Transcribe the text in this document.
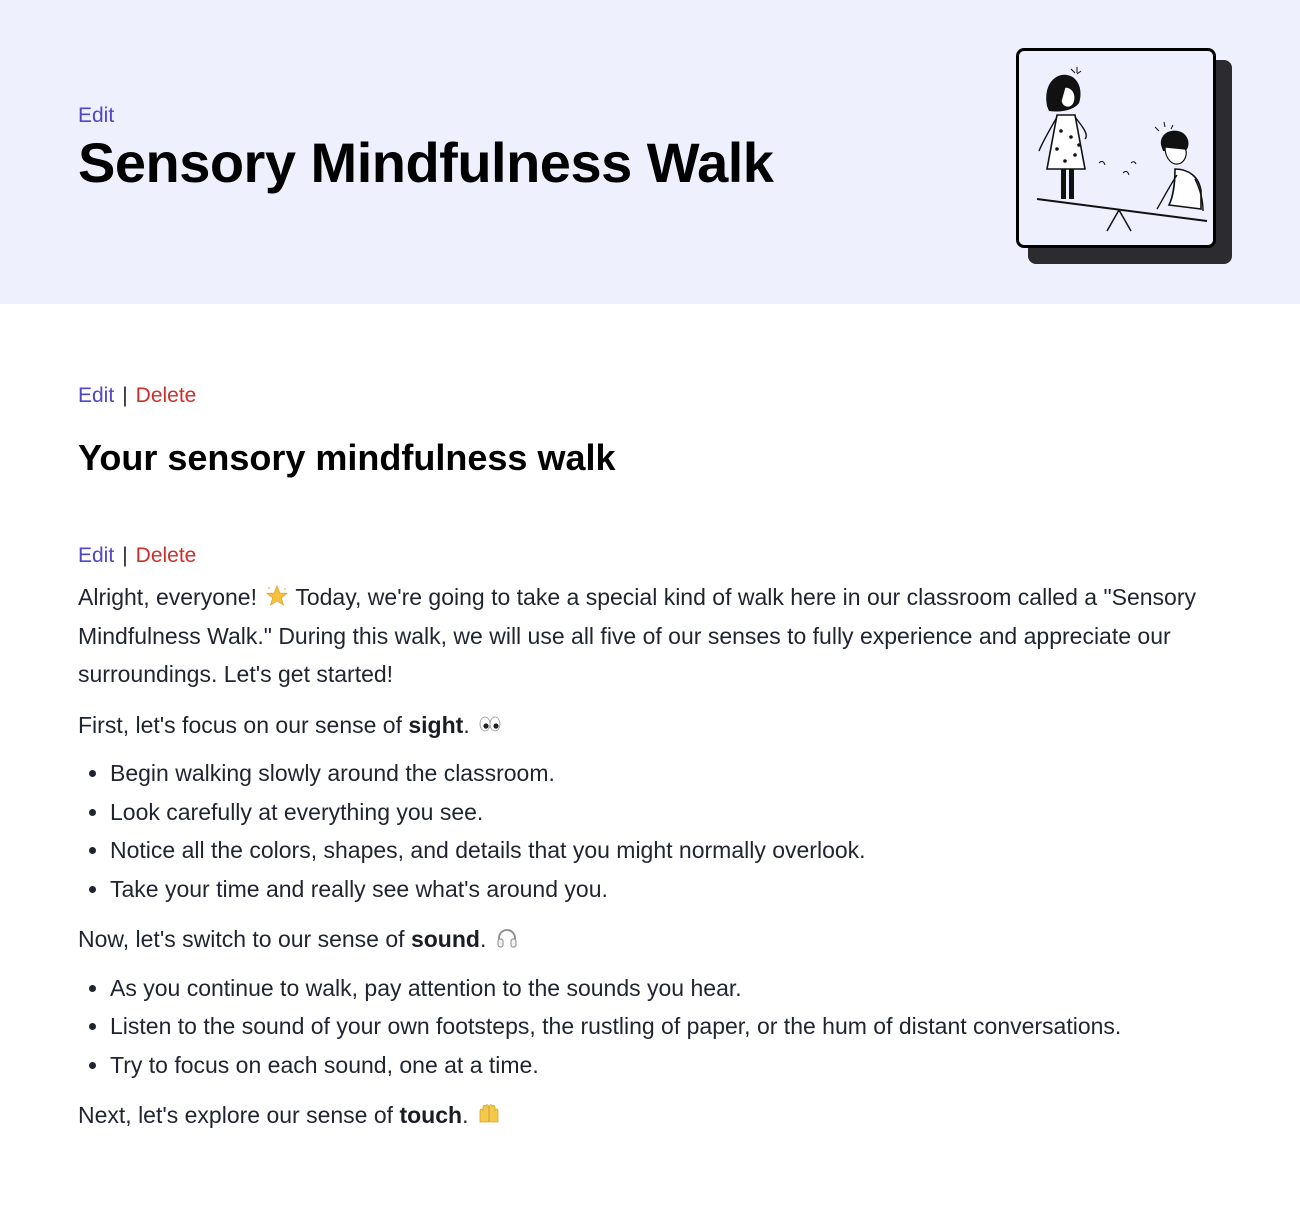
Edit
Sensory Mindfulness Walk
Edit | Delete
Your sensory mindfulness walk
Edit | Delete

Alright, everyone!  Today, we're going to take a special kind of walk here in our classroom called a "Sensory Mindfulness Walk." During this walk, we will use all five of our senses to fully experience and appreciate our surroundings. Let's get started!

First, let's focus on our sense of sight.

• Begin walking slowly around the classroom.
• Look carefully at everything you see.
• Notice all the colors, shapes, and details that you might normally overlook.
• Take your time and really see what's around you.

Now, let's switch to our sense of sound.

• As you continue to walk, pay attention to the sounds you hear.
• Listen to the sound of your own footsteps, the rustling of paper, or the hum of distant conversations.
• Try to focus on each sound, one at a time.

Next, let's explore our sense of touch.
